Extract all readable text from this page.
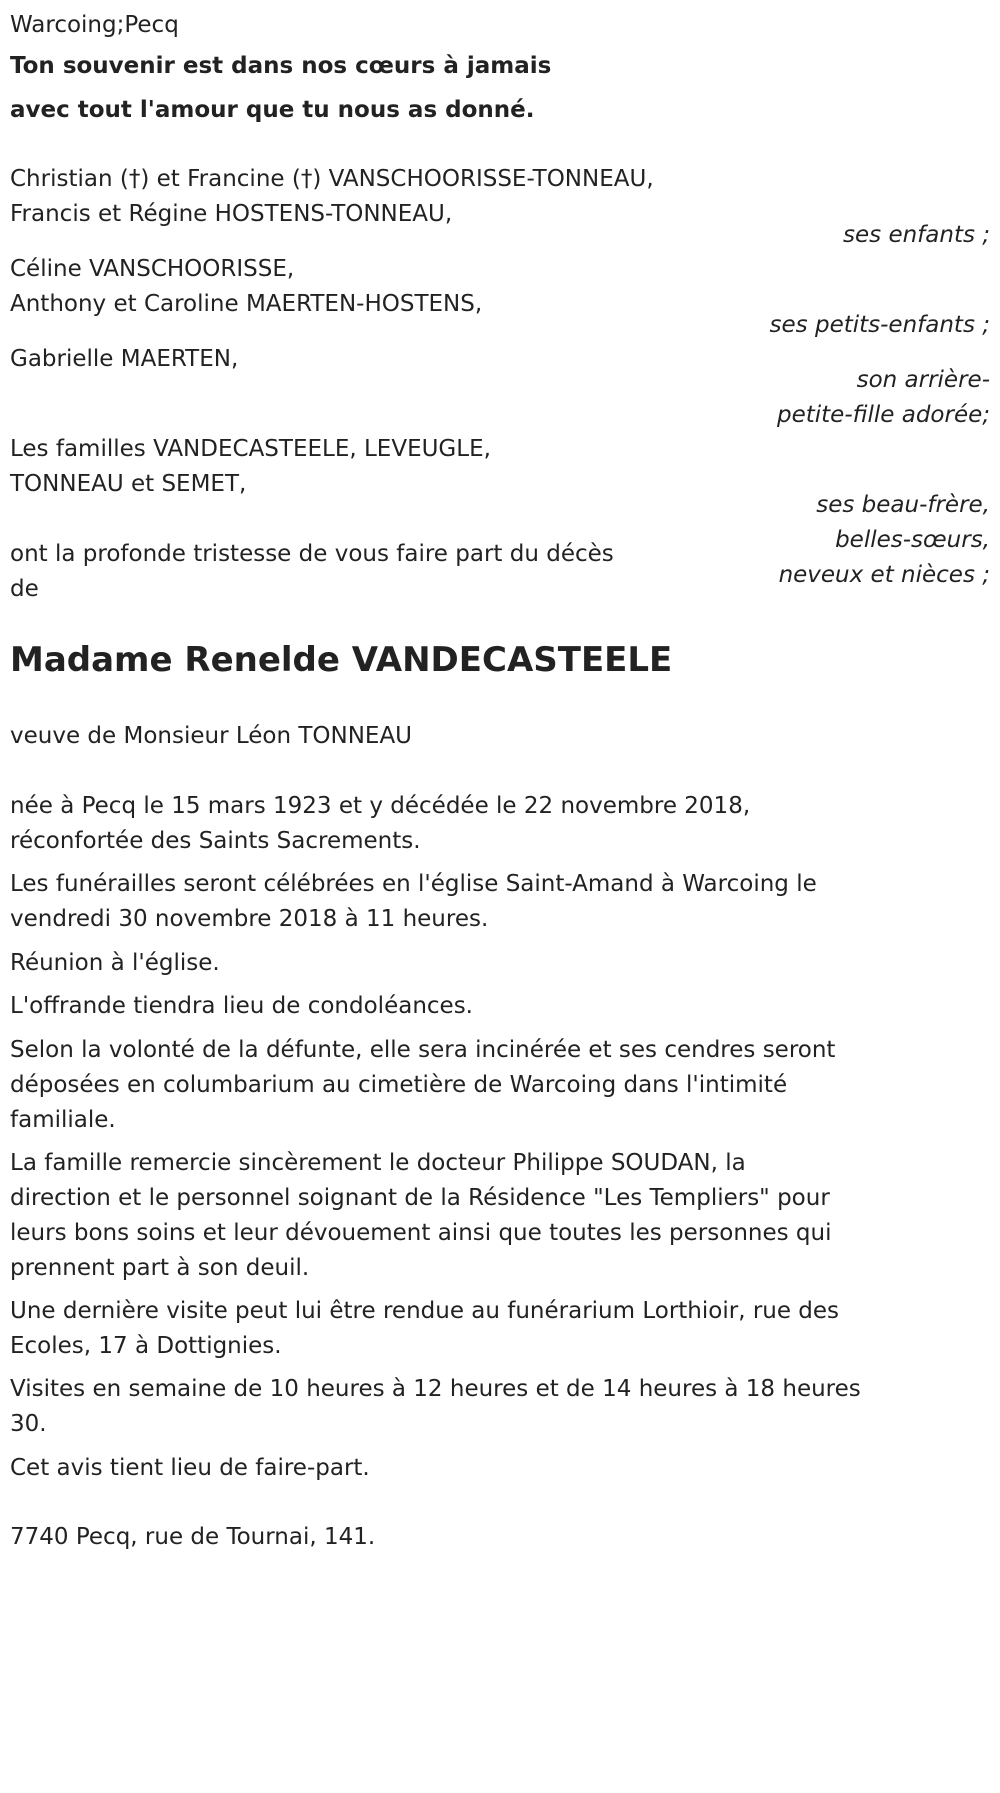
Warcoing;Pecq

Ton souvenir est dans nos cœurs à jamais

avec tout l'amour que tu nous as donné.

Christian (†) et Francine (†) VANSCHOORISSE-TONNEAU,

Francis et Régine HOSTENS-TONNEAU,

ses enfants ;

Céline VANSCHOORISSE,

Anthony et Caroline MAERTEN-HOSTENS,

ses petits-enfants ;

Gabrielle MAERTEN,

son arrière-

petite-fille adorée;

Les familles VANDECASTEELE, LEVEUGLE,

TONNEAU et SEMET,

ses beau-frère,

belles-sœurs,

neveux et nièces ;

ont la profonde tristesse de vous faire part du décès

de

Madame Renelde VANDECASTEELE

veuve de Monsieur Léon TONNEAU

née à Pecq le 15 mars 1923 et y décédée le 22 novembre 2018,

réconfortée des Saints Sacrements.

Les funérailles seront célébrées en l'église Saint-Amand à Warcoing le

vendredi 30 novembre 2018 à 11 heures.

Réunion à l'église.

L'offrande tiendra lieu de condoléances.

Selon la volonté de la défunte, elle sera incinérée et ses cendres seront

déposées en columbarium au cimetière de Warcoing dans l'intimité

familiale.

La famille remercie sincèrement le docteur Philippe SOUDAN, la

direction et le personnel soignant de la Résidence "Les Templiers" pour

leurs bons soins et leur dévouement ainsi que toutes les personnes qui

prennent part à son deuil.

Une dernière visite peut lui être rendue au funérarium Lorthioir, rue des

Ecoles, 17 à Dottignies.

Visites en semaine de 10 heures à 12 heures et de 14 heures à 18 heures

30.

Cet avis tient lieu de faire-part.

7740 Pecq, rue de Tournai, 141.
